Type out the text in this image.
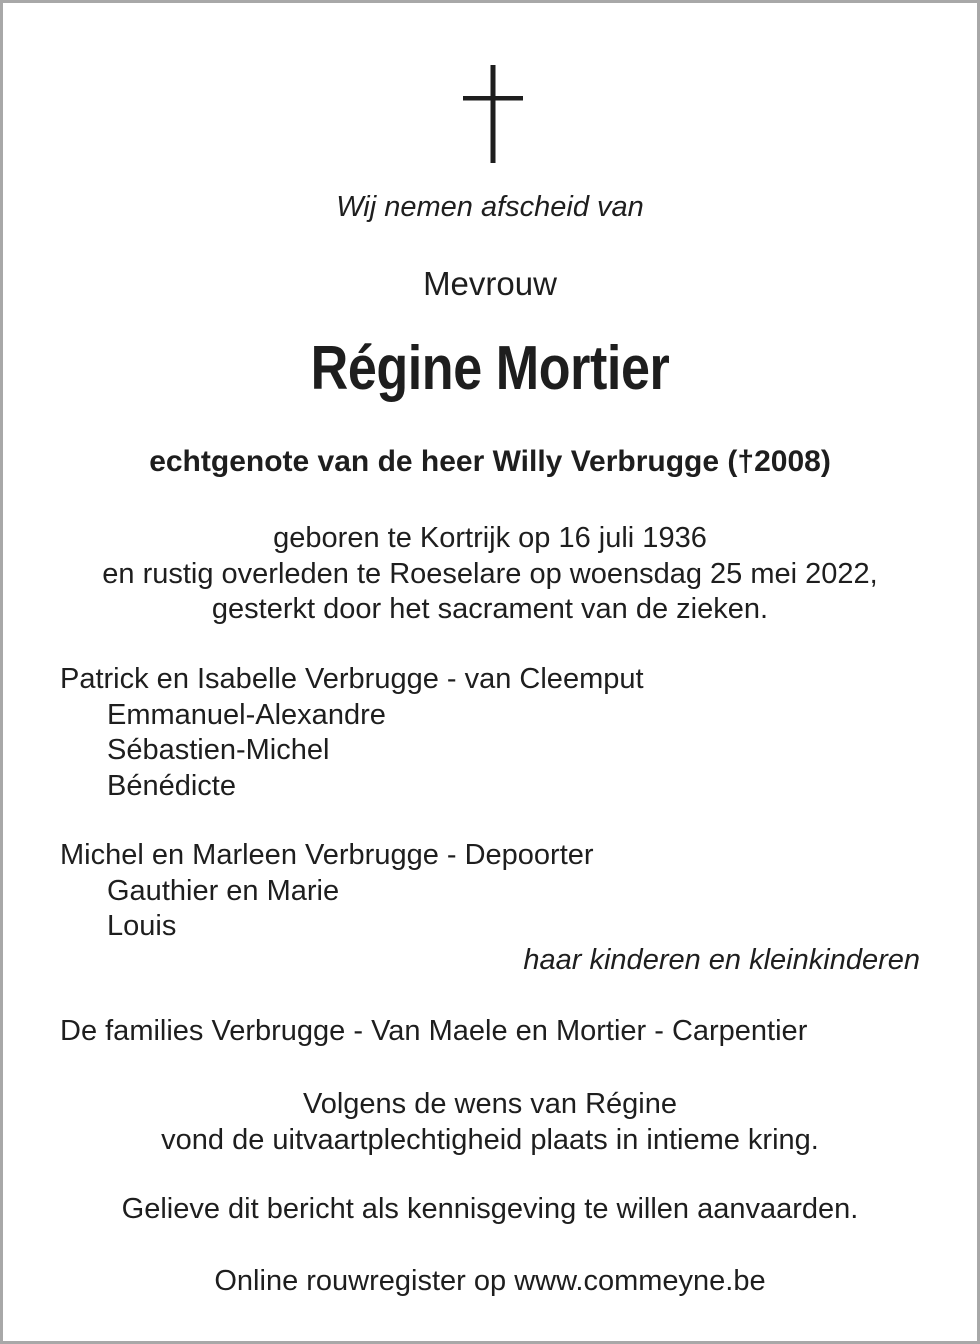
Wij nemen afscheid van
Mevrouw
Régine Mortier
echtgenote van de heer Willy Verbrugge (†2008)
geboren te Kortrijk op 16 juli 1936
en rustig overleden te Roeselare op woensdag 25 mei 2022,
gesterkt door het sacrament van de zieken.
Patrick en Isabelle Verbrugge - van Cleemput
Emmanuel-Alexandre
Sébastien-Michel
Bénédicte
Michel en Marleen Verbrugge - Depoorter
Gauthier en Marie
Louis
haar kinderen en kleinkinderen
De families Verbrugge - Van Maele en Mortier - Carpentier
Volgens de wens van Régine
vond de uitvaartplechtigheid plaats in intieme kring.
Gelieve dit bericht als kennisgeving te willen aanvaarden.
Online rouwregister op www.commeyne.be
